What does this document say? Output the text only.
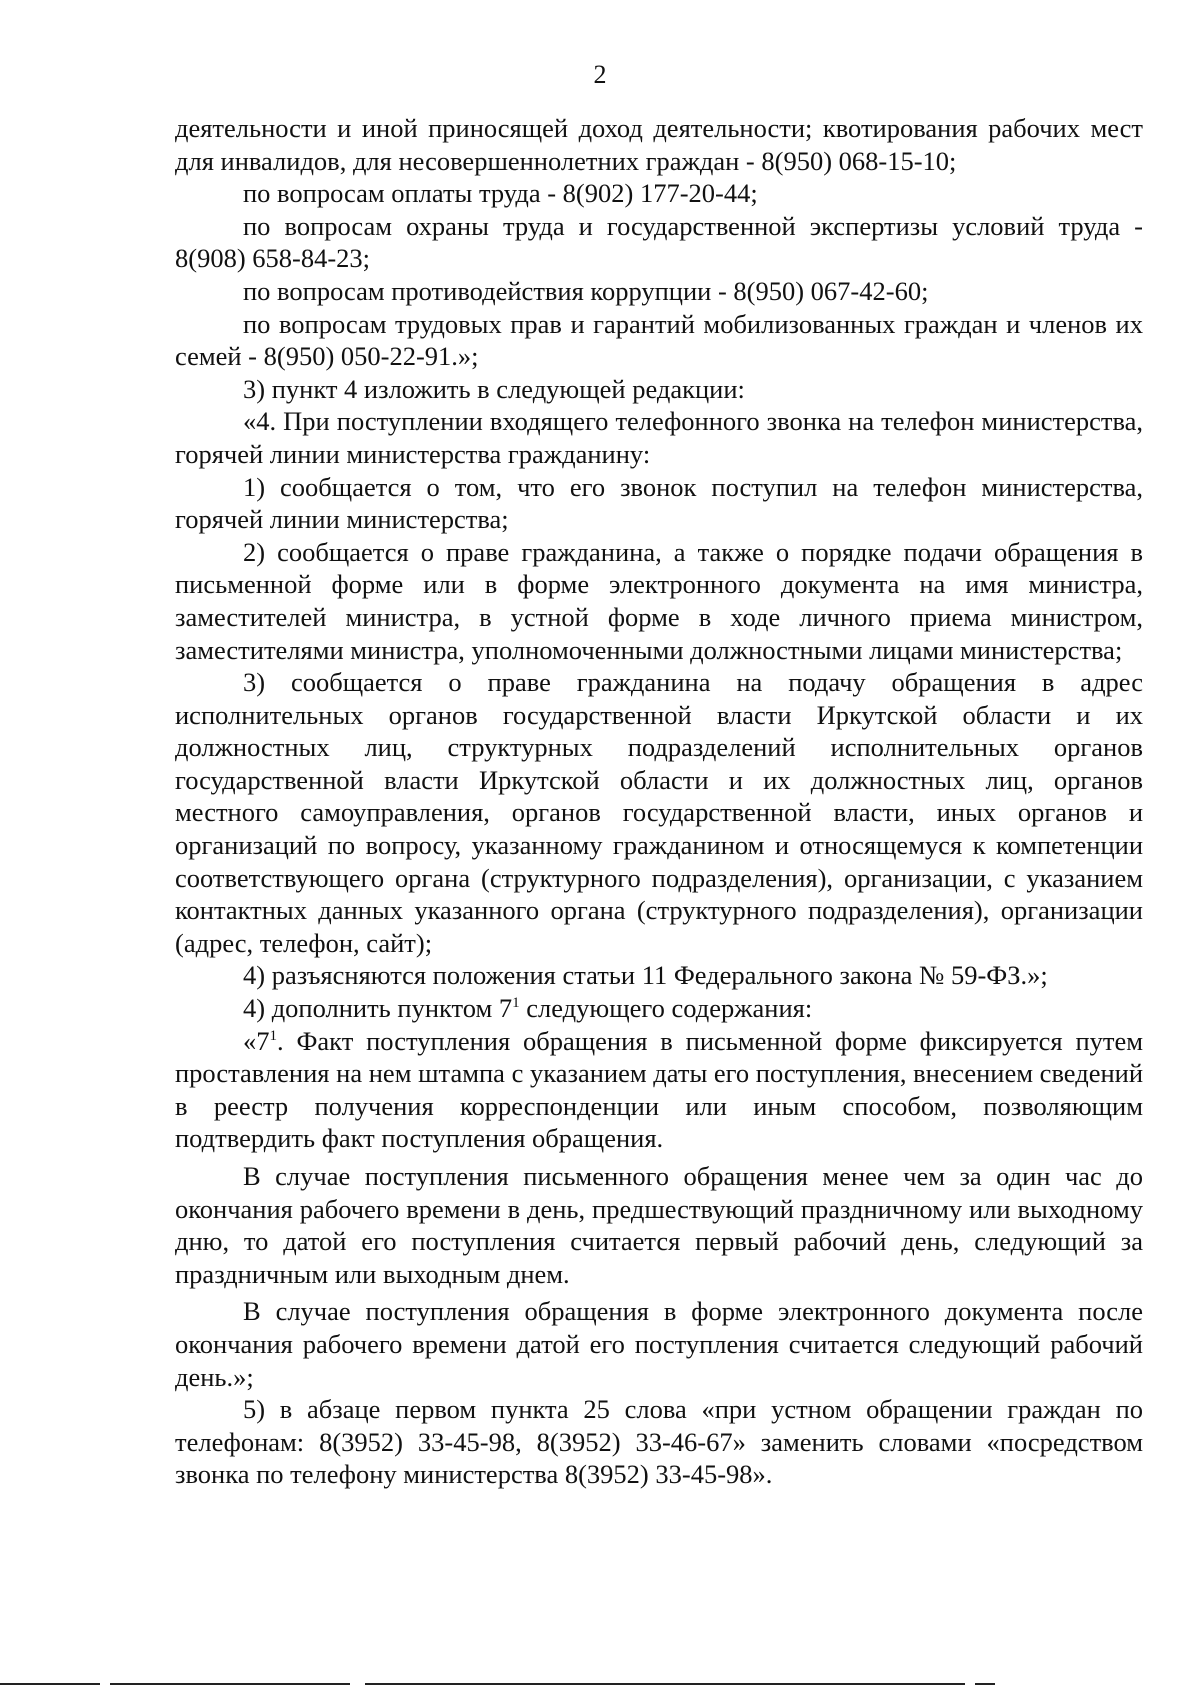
2

деятельности и иной приносящей доход деятельности; квотирования рабочих мест для инвалидов, для несовершеннолетних граждан - 8(950) 068-15-10;

по вопросам оплаты труда - 8(902) 177-20-44;

по вопросам охраны труда и государственной экспертизы условий труда - 8(908) 658-84-23;

по вопросам противодействия коррупции - 8(950) 067-42-60;

по вопросам трудовых прав и гарантий мобилизованных граждан и членов их семей - 8(950) 050-22-91.»;

3) пункт 4 изложить в следующей редакции:

«4. При поступлении входящего телефонного звонка на телефон министерства, горячей линии министерства гражданину:

1) сообщается о том, что его звонок поступил на телефон министерства, горячей линии министерства;

2) сообщается о праве гражданина, а также о порядке подачи обращения в письменной форме или в форме электронного документа на имя министра, заместителей министра, в устной форме в ходе личного приема министром, заместителями министра, уполномоченными должностными лицами министерства;

3) сообщается о праве гражданина на подачу обращения в адрес исполнительных органов государственной власти Иркутской области и их должностных лиц, структурных подразделений исполнительных органов государственной власти Иркутской области и их должностных лиц, органов местного самоуправления, органов государственной власти, иных органов и организаций по вопросу, указанному гражданином и относящемуся к компетенции соответствующего органа (структурного подразделения), организации, с указанием контактных данных указанного органа (структурного подразделения), организации (адрес, телефон, сайт);

4) разъясняются положения статьи 11 Федерального закона № 59-ФЗ.»;

4) дополнить пунктом $7^1$ следующего содержания:

«$7^1$. Факт поступления обращения в письменной форме фиксируется путем проставления на нем штампа с указанием даты его поступления, внесением сведений в реестр получения корреспонденции или иным способом, позволяющим подтвердить факт поступления обращения.

В случае поступления письменного обращения менее чем за один час до окончания рабочего времени в день, предшествующий праздничному или выходному дню, то датой его поступления считается первый рабочий день, следующий за праздничным или выходным днем.

В случае поступления обращения в форме электронного документа после окончания рабочего времени датой его поступления считается следующий рабочий день.»;

5) в абзаце первом пункта 25 слова «при устном обращении граждан по телефонам: 8(3952) 33-45-98, 8(3952) 33-46-67» заменить словами «посредством звонка по телефону министерства 8(3952) 33-45-98».
